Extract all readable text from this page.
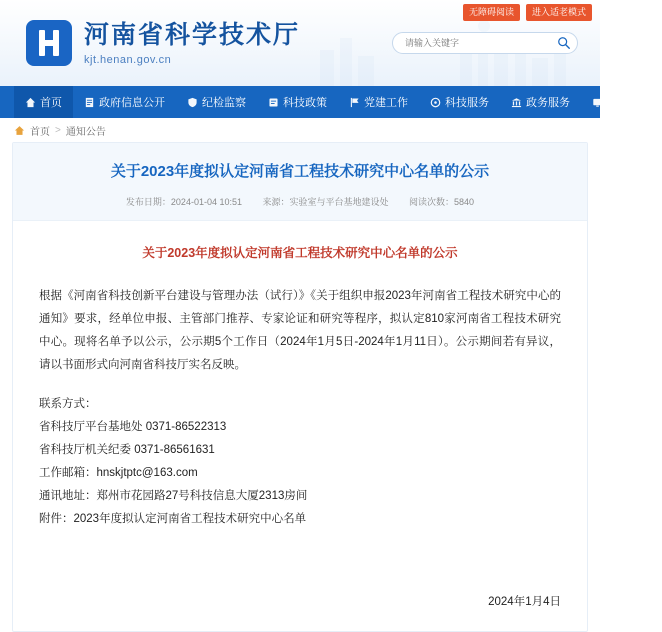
无障碍阅读	进入适老模式
河南省科学技术厅
kjt.henan.gov.cn
请输入关键字
首页	政府信息公开	纪检监察	科技政策	党建工作	科技服务	政务服务	科技专题
首页 > 通知公告
关于2023年度拟认定河南省工程技术研究中心名单的公示
发布日期：2024-01-04 10:51 来源：实验室与平台基地建设处 阅读次数：5840
关于2023年度拟认定河南省工程技术研究中心名单的公示

根据《河南省科技创新平台建设与管理办法（试行）》《关于组织申报2023年河南省工程技术研究中心的通知》要求，经单位申报、主管部门推荐、专家论证和研究等程序，拟认定810家河南省工程技术研究中心。现将名单予以公示，公示期5个工作日（2024年1月5日-2024年1月11日）。公示期间若有异议，请以书面形式向河南省科技厅实名反映。

联系方式：

省科技厅平台基地处 0371-86522313

省科技厅机关纪委 0371-86561631

工作邮箱：hnskjtptc@163.com

通讯地址：郑州市花园路27号科技信息大厦2313房间

附件：2023年度拟认定河南省工程技术研究中心名单

2024年1月4日
